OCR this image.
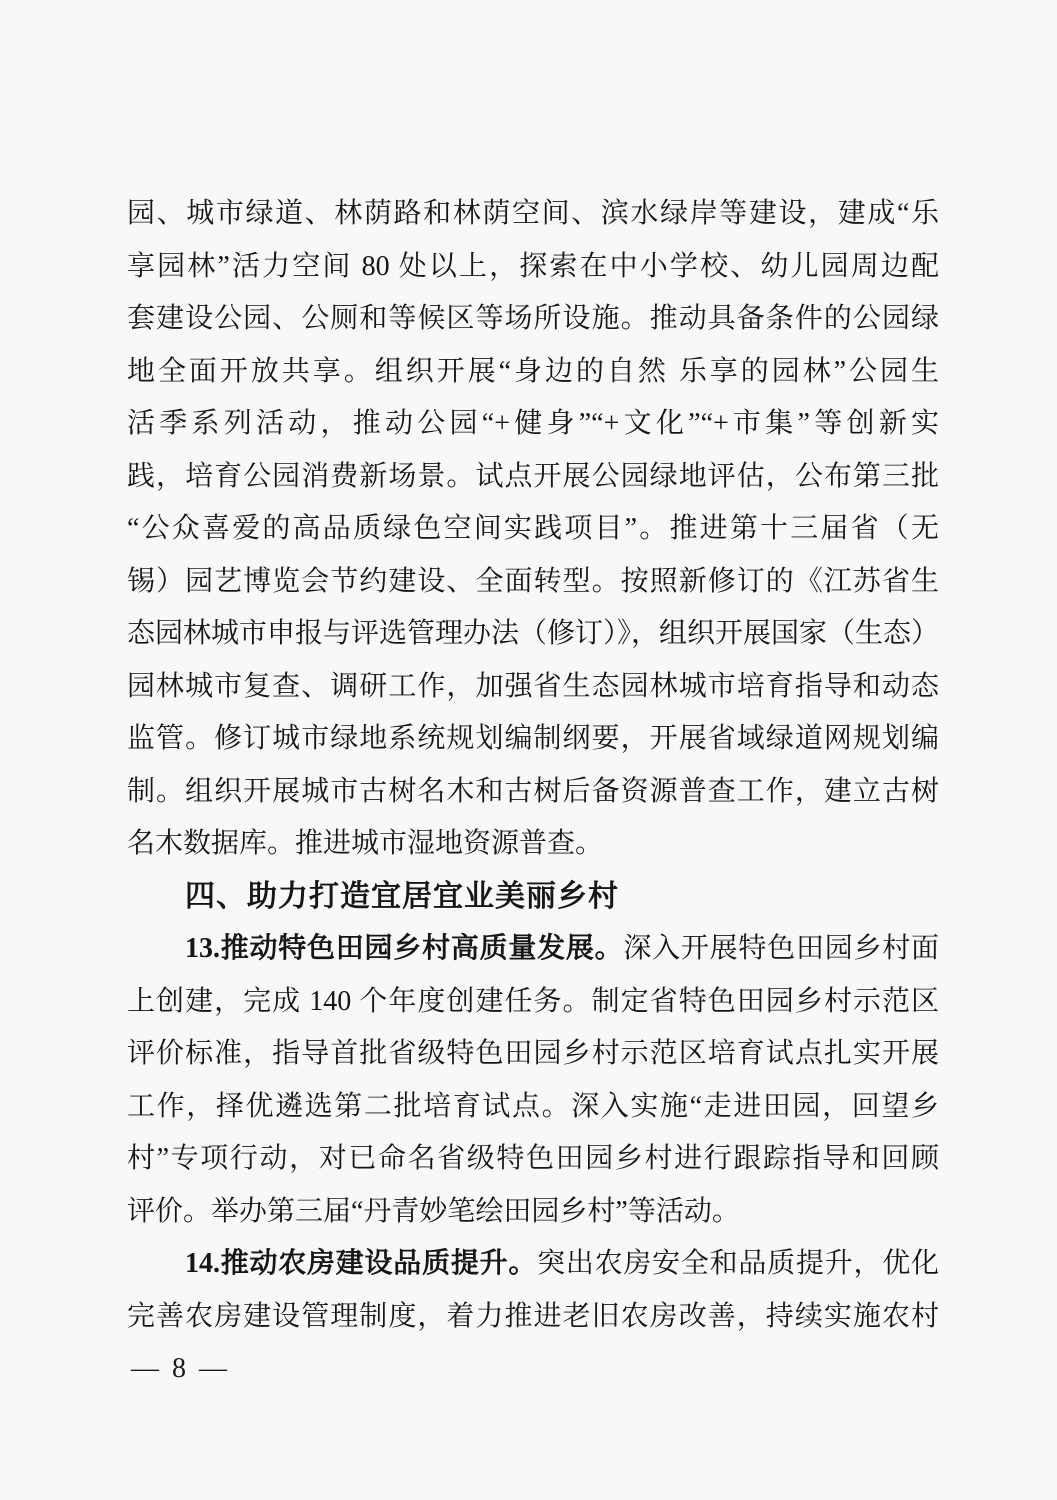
园、城市绿道、林荫路和林荫空间、滨水绿岸等建设，建成“乐

享园林”活力空间 80 处以上，探索在中小学校、幼儿园周边配

套建设公园、公厕和等候区等场所设施。推动具备条件的公园绿

地全面开放共享。组织开展“身边的自然 乐享的园林”公园生

活季系列活动，推动公园“+健身”“+文化”“+市集”等创新实

践，培育公园消费新场景。试点开展公园绿地评估，公布第三批

“公众喜爱的高品质绿色空间实践项目”。推进第十三届省（无

锡）园艺博览会节约建设、全面转型。按照新修订的《江苏省生

态园林城市申报与评选管理办法（修订）》，组织开展国家（生态）

园林城市复查、调研工作，加强省生态园林城市培育指导和动态

监管。修订城市绿地系统规划编制纲要，开展省域绿道网规划编

制。组织开展城市古树名木和古树后备资源普查工作，建立古树

名木数据库。推进城市湿地资源普查。

四、助力打造宜居宜业美丽乡村

13.推动特色田园乡村高质量发展。深入开展特色田园乡村面

上创建，完成 140 个年度创建任务。制定省特色田园乡村示范区

评价标准，指导首批省级特色田园乡村示范区培育试点扎实开展

工作，择优遴选第二批培育试点。深入实施“走进田园，回望乡

村”专项行动，对已命名省级特色田园乡村进行跟踪指导和回顾

评价。举办第三届“丹青妙笔绘田园乡村”等活动。

14.推动农房建设品质提升。突出农房安全和品质提升，优化

完善农房建设管理制度，着力推进老旧农房改善，持续实施农村

— 8 —
